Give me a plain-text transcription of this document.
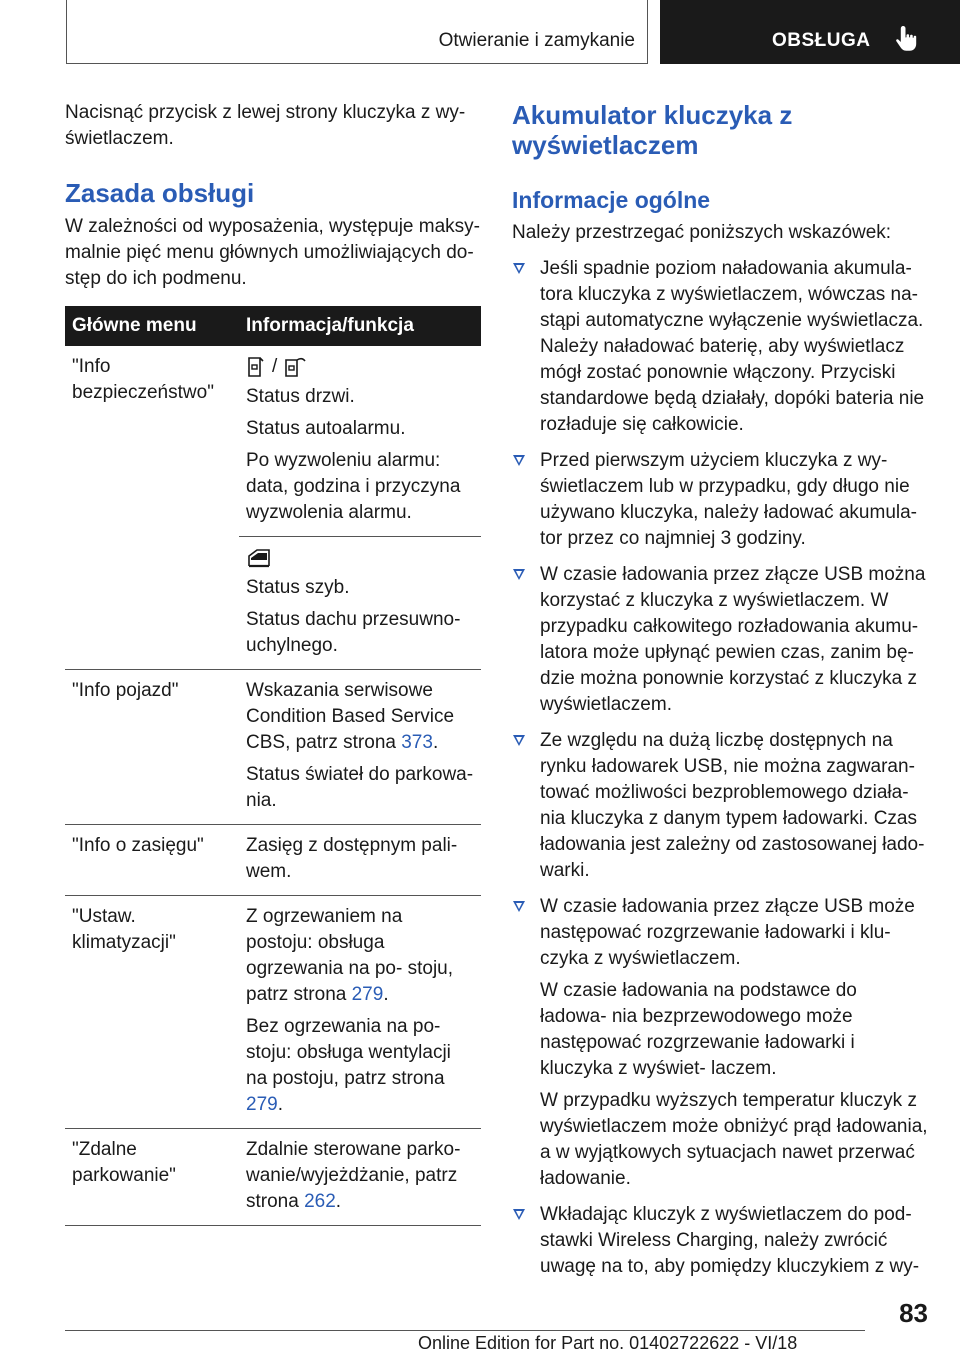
Otwieranie i zamykanie	OBSŁUGA

Nacisnąć przycisk z lewej strony kluczyka z wy- świetlaczem.

Zasada obsługi

W zależności od wyposażenia, występuje maksy- malnie pięć menu głównych umożliwiających do- stęp do ich podmenu.

Główne menu	Informacja/funkcja
"Info bezpieczeństwo"	/

Status drzwi.

Status autoalarmu.

Po wyzwoleniu alarmu: data, godzina i przyczyna wyzwolenia alarmu.

	Status szyb.

Status dachu przesuwno- uchylnego.

"Info pojazd"	Wskazania serwisowe Condition Based Service CBS, patrz strona 373.

Status świateł do parkowa- nia.

"Info o zasięgu"	Zasięg z dostępnym pali- wem.

"Ustaw. klimatyzacji"	Z ogrzewaniem na postoju: obsługa ogrzewania na po- stoju, patrz strona 279.

Bez ogrzewania na po- stoju: obsługa wentylacji na postoju, patrz strona 279.

"Zdalne parkowanie"	Zdalnie sterowane parko- wanie/wyjeżdżanie, patrz strona 262.

Akumulator kluczyka z wyświetlaczem
Informacje ogólne

Należy przestrzegać poniższych wskazówek:

Jeśli spadnie poziom naładowania akumula- tora kluczyka z wyświetlaczem, wówczas na- stąpi automatyczne wyłączenie wyświetlacza. Należy naładować baterię, aby wyświetlacz mógł zostać ponownie włączony. Przyciski standardowe będą działały, dopóki bateria nie rozładuje się całkowicie.
Przed pierwszym użyciem kluczyka z wy- świetlaczem lub w przypadku, gdy długo nie używano kluczyka, należy ładować akumula- tor przez co najmniej 3 godziny.
W czasie ładowania przez złącze USB można korzystać z kluczyka z wyświetlaczem. W przypadku całkowitego rozładowania akumu- latora może upłynąć pewien czas, zanim bę- dzie można ponownie korzystać z kluczyka z wyświetlaczem.
Ze względu na dużą liczbę dostępnych na rynku ładowarek USB, nie można zagwaran- tować możliwości bezproblemowego działa- nia kluczyka z danym typem ładowarki. Czas ładowania jest zależny od zastosowanej łado- warki.
W czasie ładowania przez złącze USB może następować rozgrzewanie ładowarki i klu- czyka z wyświetlaczem.

W czasie ładowania na podstawce do ładowa- nia bezprzewodowego może następować rozgrzewanie ładowarki i kluczyka z wyświet- laczem.

W przypadku wyższych temperatur kluczyk z wyświetlaczem może obniżyć prąd ładowania, a w wyjątkowych sytuacjach nawet przerwać ładowanie.

Wkładając kluczyk z wyświetlaczem do pod- stawki Wireless Charging, należy zwrócić uwagę na to, aby pomiędzy kluczykiem z wy-
83
Online Edition for Part no. 01402722622 - VI/18
